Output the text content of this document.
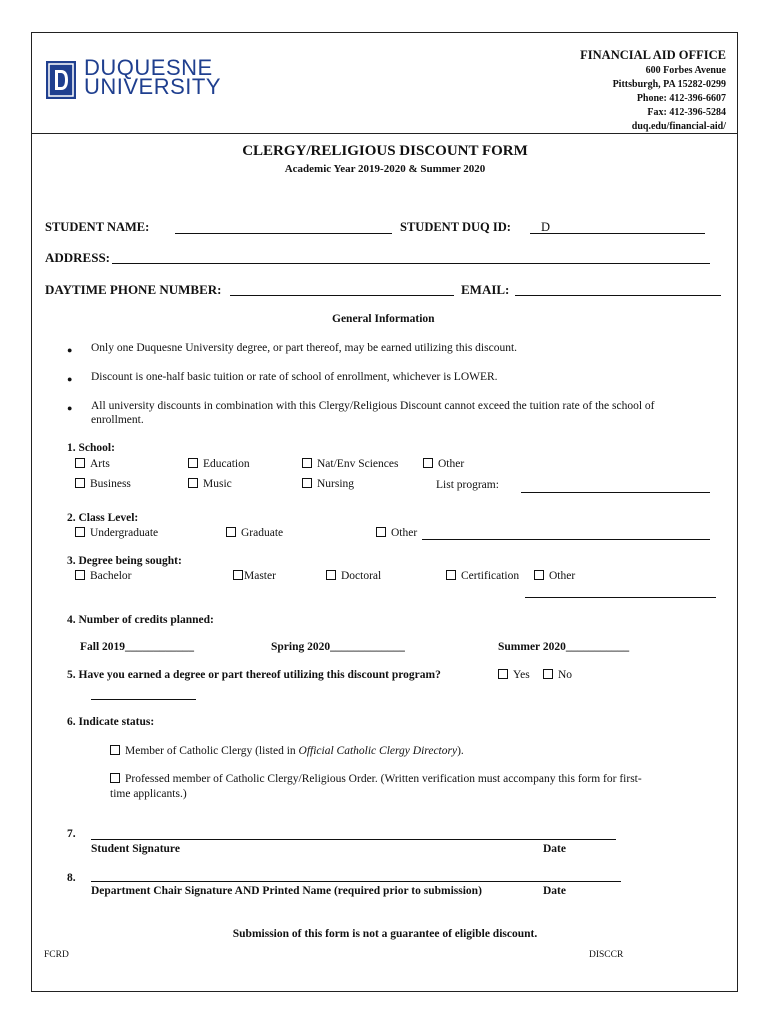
DUQUESNE
UNIVERSITY
FINANCIAL AID OFFICE
600 Forbes Avenue
Pittsburgh, PA 15282-0299
Phone: 412-396-6607
Fax: 412-396-5284
duq.edu/financial-aid/
CLERGY/RELIGIOUS DISCOUNT FORM
Academic Year 2019-2020 & Summer 2020
STUDENT NAME:	STUDENT DUQ ID: D
ADDRESS:
DAYTIME PHONE NUMBER:	EMAIL:
General Information
● Only one Duquesne University degree, or part thereof, may be earned utilizing this discount.
● Discount is one-half basic tuition or rate of school of enrollment, whichever is LOWER.
● All university discounts in combination with this Clergy/Religious Discount cannot exceed the tuition rate of the school of
enrollment.
1. School:
Arts	Education	Nat/Env Sciences	Other
Business	Music	Nursing	List program:
2. Class Level:
Undergraduate	Graduate	Other
3. Degree being sought:
Bachelor	Master	Doctoral	Certification	Other
4. Number of credits planned:
Fall 2019____________	Spring 2020_____________	Summer 2020___________
5. Have you earned a degree or part thereof utilizing this discount program?	Yes	No
6. Indicate status:
Member of Catholic Clergy (listed in Official Catholic Clergy Directory).
Professed member of Catholic Clergy/Religious Order. (Written verification must accompany this form for first-
time applicants.)
7.
Student Signature	Date
8.
Department Chair Signature AND Printed Name (required prior to submission)	Date
Submission of this form is not a guarantee of eligible discount.
FCRD	DISCCR
